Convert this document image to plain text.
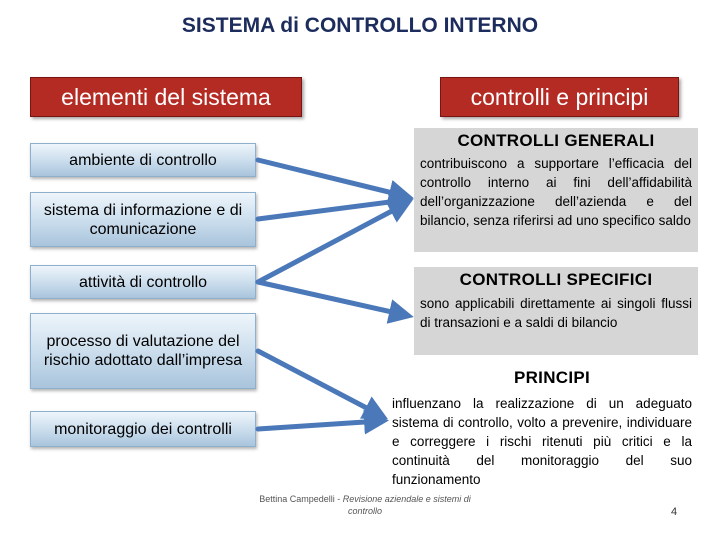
SISTEMA di CONTROLLO INTERNO
elementi del sistema	controlli e principi
ambiente di controllo
sistema di informazione e di comunicazione
attività di controllo
processo di valutazione del rischio adottato dall’impresa
monitoraggio dei controlli
CONTROLLI GENERALI
contribuiscono a supportare l’efficacia del controllo interno ai fini dell’affidabilità dell’organizzazione dell’azienda e del bilancio, senza riferirsi ad uno specifico saldo
CONTROLLI SPECIFICI
sono applicabili direttamente ai singoli flussi di transazioni e a saldi di bilancio
PRINCIPI
influenzano la realizzazione di un adeguato sistema di controllo, volto a prevenire, individuare e correggere i rischi ritenuti più critici e la continuità del monitoraggio del suo funzionamento
Bettina Campedelli - Revisione aziendale e sistemi di controllo	4
